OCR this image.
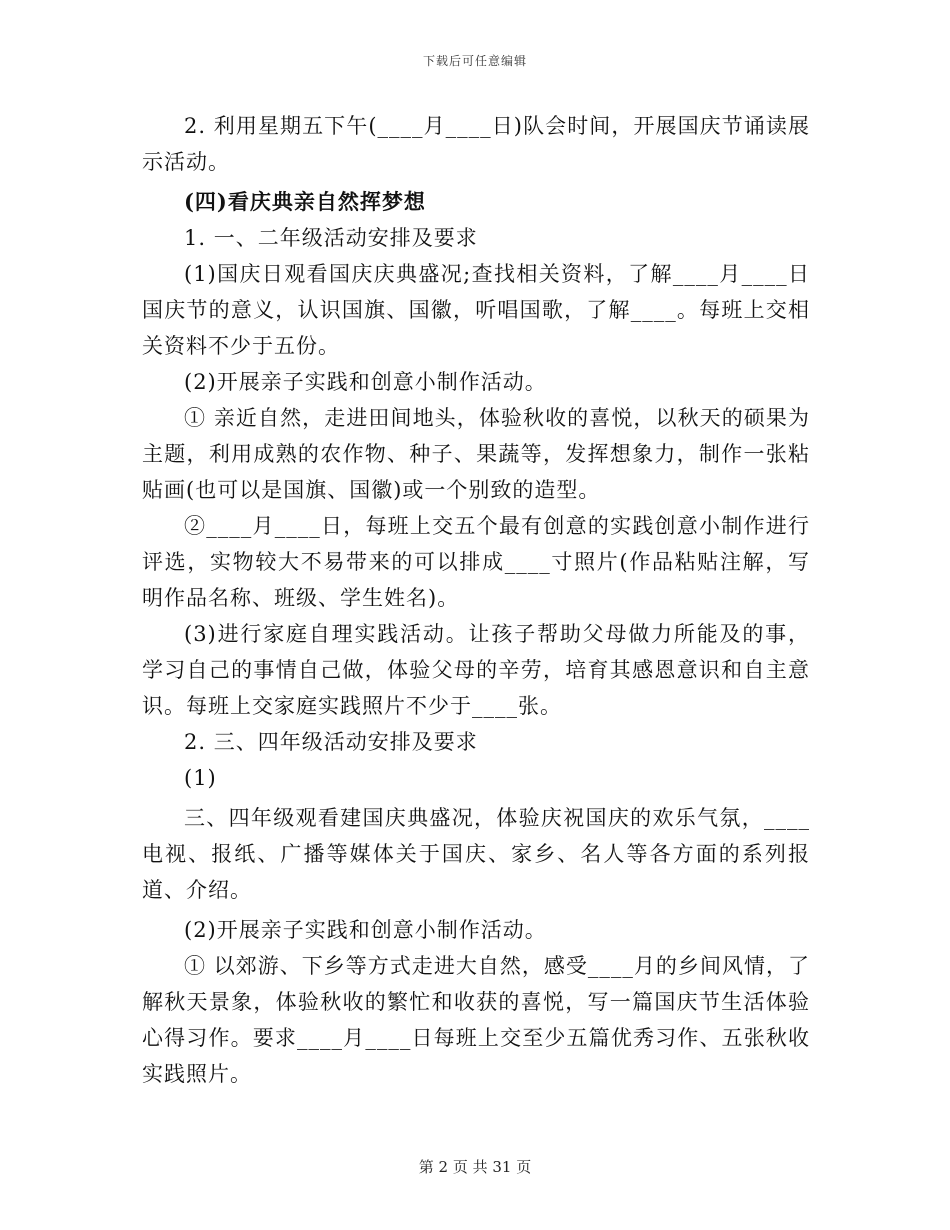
下载后可任意编辑

2. 利用星期五下午(____月____日)队会时间，开展国庆节诵读展示活动。

(四)看庆典亲自然挥梦想

1. 一、二年级活动安排及要求

(1)国庆日观看国庆庆典盛况;查找相关资料，了解____月____日国庆节的意义，认识国旗、国徽，听唱国歌，了解____。每班上交相关资料不少于五份。

(2)开展亲子实践和创意小制作活动。

① 亲近自然，走进田间地头，体验秋收的喜悦，以秋天的硕果为主题，利用成熟的农作物、种子、果蔬等，发挥想象力，制作一张粘贴画(也可以是国旗、国徽)或一个别致的造型。

②____月____日，每班上交五个最有创意的实践创意小制作进行评选，实物较大不易带来的可以排成____寸照片(作品粘贴注解，写明作品名称、班级、学生姓名)。

(3)进行家庭自理实践活动。让孩子帮助父母做力所能及的事，学习自己的事情自己做，体验父母的辛劳，培育其感恩意识和自主意识。每班上交家庭实践照片不少于____张。

2. 三、四年级活动安排及要求

(1)

三、四年级观看建国庆典盛况，体验庆祝国庆的欢乐气氛，____电视、报纸、广播等媒体关于国庆、家乡、名人等各方面的系列报道、介绍。

(2)开展亲子实践和创意小制作活动。

① 以郊游、下乡等方式走进大自然，感受____月的乡间风情，了解秋天景象，体验秋收的繁忙和收获的喜悦，写一篇国庆节生活体验心得习作。要求____月____日每班上交至少五篇优秀习作、五张秋收实践照片。

第 2 页 共 31 页
